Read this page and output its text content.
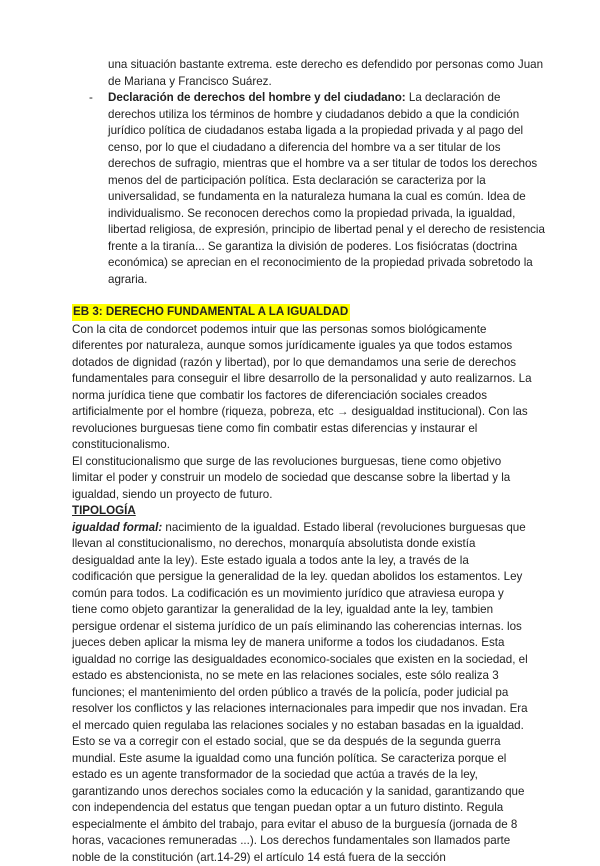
una situación bastante extrema. este derecho es defendido por personas como Juan de Mariana y Francisco Suárez.

- Declaración de derechos del hombre y del ciudadano: La declaración de derechos utiliza los términos de hombre y ciudadanos debido a que la condición jurídico política de ciudadanos estaba ligada a la propiedad privada y al pago del censo, por lo que el ciudadano a diferencia del hombre va a ser titular de los derechos de sufragio, mientras que el hombre va a ser titular de todos los derechos menos del de participación política. Esta declaración se caracteriza por la universalidad, se fundamenta en la naturaleza humana la cual es común. Idea de individualismo. Se reconocen derechos como la propiedad privada, la igualdad, libertad religiosa, de expresión, principio de libertad penal y el derecho de resistencia frente a la tiranía... Se garantiza la división de poderes. Los fisiócratas (doctrina económica) se aprecian en el reconocimiento de la propiedad privada sobretodo la agraria.

EB 3: DERECHO FUNDAMENTAL A LA IGUALDAD

Con la cita de condorcet podemos intuir que las personas somos biológicamente diferentes por naturaleza, aunque somos jurídicamente iguales ya que todos estamos dotados de dignidad (razón y libertad), por lo que demandamos una serie de derechos fundamentales para conseguir el libre desarrollo de la personalidad y auto realizarnos. La norma jurídica tiene que combatir los factores de diferenciación sociales creados artificialmente por el hombre (riqueza, pobreza, etc → desigualdad institucional). Con las revoluciones burguesas tiene como fin combatir estas diferencias y instaurar el constitucionalismo.

El constitucionalismo que surge de las revoluciones burguesas, tiene como objetivo limitar el poder y construir un modelo de sociedad que descanse sobre la libertad y la igualdad, siendo un proyecto de futuro.

TIPOLOGÍA

igualdad formal: nacimiento de la igualdad. Estado liberal (revoluciones burguesas que llevan al constitucionalismo, no derechos, monarquía absolutista donde existía desigualdad ante la ley). Este estado iguala a todos ante la ley, a través de la codificación que persigue la generalidad de la ley. quedan abolidos los estamentos. Ley común para todos. La codificación es un movimiento jurídico que atraviesa europa y tiene como objeto garantizar la generalidad de la ley, igualdad ante la ley, tambien persigue ordenar el sistema jurídico de un país eliminando las coherencias internas. los jueces deben aplicar la misma ley de manera uniforme a todos los ciudadanos. Esta igualdad no corrige las desigualdades economico-sociales que existen en la sociedad, el estado es abstencionista, no se mete en las relaciones sociales, este sólo realiza 3 funciones; el mantenimiento del orden público a través de la policía, poder judicial pa resolver los conflictos y las relaciones internacionales para impedir que nos invadan. Era el mercado quien regulaba las relaciones sociales y no estaban basadas en la igualdad. Esto se va a corregir con el estado social, que se da después de la segunda guerra mundial. Este asume la igualdad como una función política. Se caracteriza porque el estado es un agente transformador de la sociedad que actúa a través de la ley, garantizando unos derechos sociales como la educación y la sanidad, garantizando que con independencia del estatus que tengan puedan optar a un futuro distinto. Regula especialmente el ámbito del trabajo, para evitar el abuso de la burguesía (jornada de 8 horas, vacaciones remuneradas ...). Los derechos fundamentales son llamados parte noble de la constitución (art.14-29) el artículo 14 está fuera de la sección
